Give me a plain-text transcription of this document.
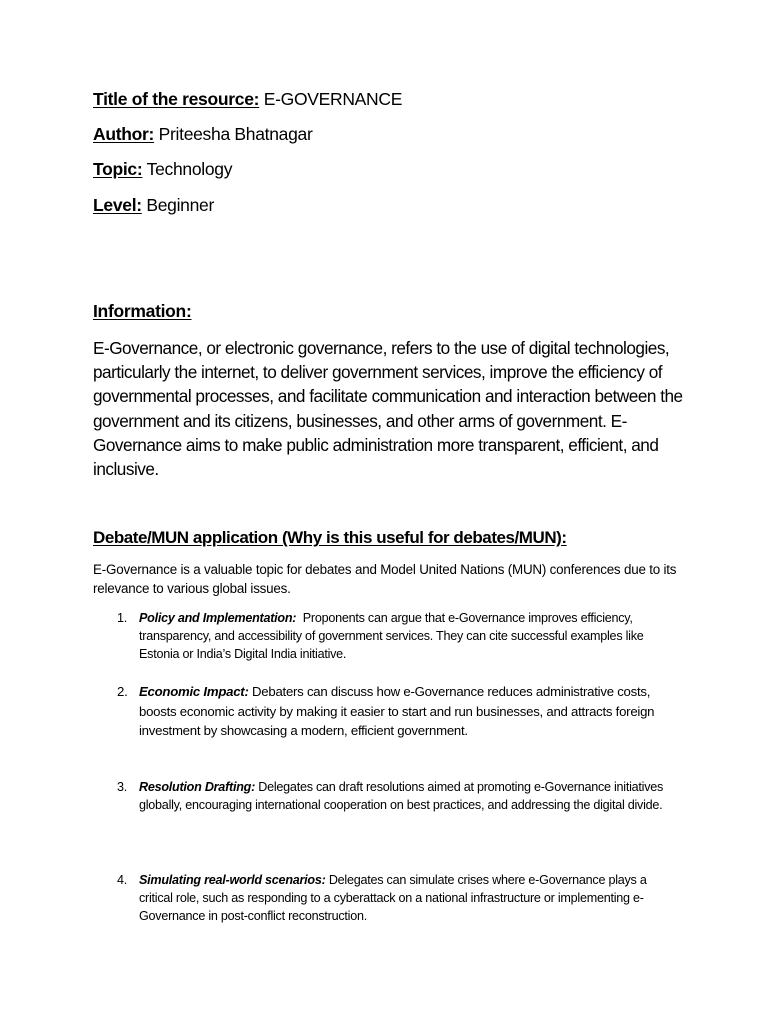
Title of the resource: E-GOVERNANCE
Author: Priteesha Bhatnagar
Topic: Technology
Level: Beginner
Information:

E-Governance, or electronic governance, refers to the use of digital technologies, particularly the internet, to deliver government services, improve the efficiency of governmental processes, and facilitate communication and interaction between the government and its citizens, businesses, and other arms of government. E-Governance aims to make public administration more transparent, efficient, and inclusive.

Debate/MUN application (Why is this useful for debates/MUN):

E-Governance is a valuable topic for debates and Model United Nations (MUN) conferences due to its relevance to various global issues.

1. Policy and Implementation: Proponents can argue that e-Governance improves efficiency, transparency, and accessibility of government services. They can cite successful examples like Estonia or India’s Digital India initiative.

2. Economic Impact: Debaters can discuss how e-Governance reduces administrative costs, boosts economic activity by making it easier to start and run businesses, and attracts foreign investment by showcasing a modern, efficient government.

3. Resolution Drafting: Delegates can draft resolutions aimed at promoting e-Governance initiatives globally, encouraging international cooperation on best practices, and addressing the digital divide.

4. Simulating real-world scenarios: Delegates can simulate crises where e-Governance plays a critical role, such as responding to a cyberattack on a national infrastructure or implementing e-Governance in post-conflict reconstruction.
